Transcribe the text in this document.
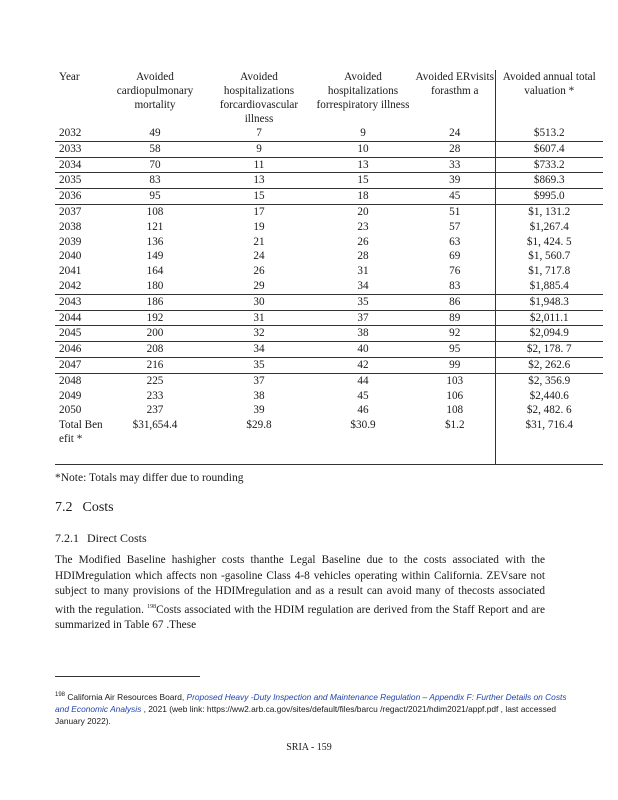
Year	Avoided cardiopulmonary mortality	Avoided hospitalizations forcardiovascular illness	Avoided hospitalizations forrespiratory illness	Avoided ERvisits forasthm a	Avoided annual total valuation *
2032	49	7	9	24	$513.2
2033	58	9	10	28	$607.4
2034	70	11	13	33	$733.2
2035	83	13	15	39	$869.3
2036	95	15	18	45	$995.0
2037	108	17	20	51	$1, 131.2
2038	121	19	23	57	$1,267.4
2039	136	21	26	63	$1, 424. 5
2040	149	24	28	69	$1, 560.7
2041	164	26	31	76	$1, 717.8
2042	180	29	34	83	$1,885.4
2043	186	30	35	86	$1,948.3
2044	192	31	37	89	$2,011.1
2045	200	32	38	92	$2,094.9
2046	208	34	40	95	$2, 178. 7
2047	216	35	42	99	$2, 262.6
2048	225	37	44	103	$2, 356.9
2049	233	38	45	106	$2,440.6
2050	237	39	46	108	$2, 482. 6
Total Ben efit *	$31,654.4	$29.8	$30.9	$1.2	$31, 716.4

*Note: Totals may differ due to rounding

7.2 Costs
7.2.1 Direct Costs

The Modified Baseline hashigher costs thanthe Legal Baseline due to the costs associated with the HDIMregulation which affects non -gasoline Class 4-8 vehicles operating within California. ZEVsare not subject to many provisions of the HDIMregulation and as a result can avoid many of thecosts associated with the regulation. $^{198}$Costs associated with the HDIM regulation are derived from the Staff Report and are summarized in Table 67 .These

$^{198}$ California Air Resources Board, Proposed Heavy -Duty Inspection and Maintenance Regulation – Appendix F: Further Details on Costs and Economic Analysis , 2021 (web link: https://ww2.arb.ca.gov/sites/default/files/barcu /regact/2021/hdim2021/appf.pdf , last accessed January 2022).

SRIA - 159
